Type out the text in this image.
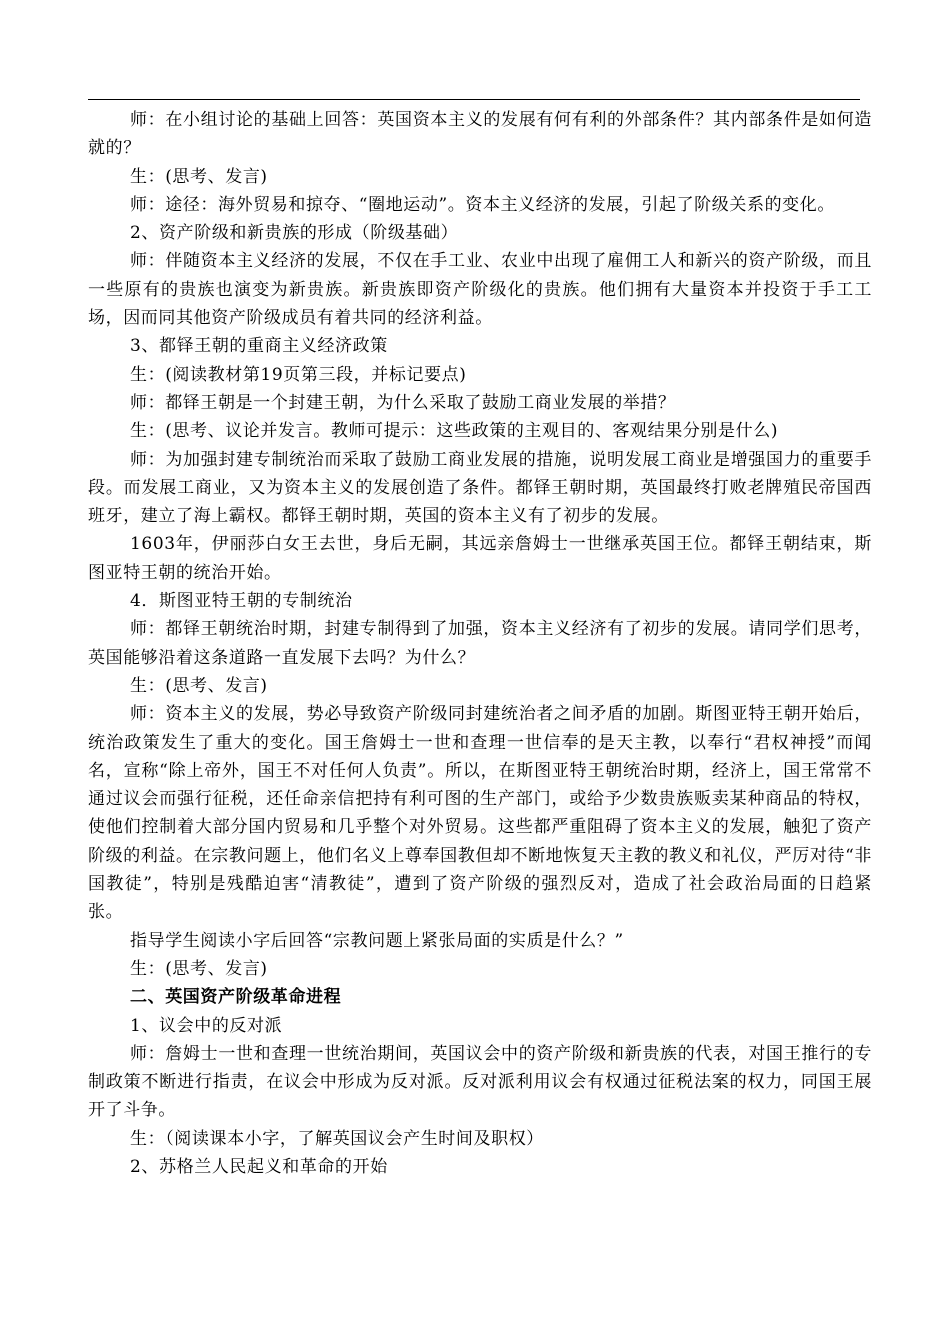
师：在小组讨论的基础上回答：英国资本主义的发展有何有利的外部条件？其内部条件是如何造就的？

生：(思考、发言)

师：途径：海外贸易和掠夺、“圈地运动”。资本主义经济的发展，引起了阶级关系的变化。

2、资产阶级和新贵族的形成（阶级基础）

师：伴随资本主义经济的发展，不仅在手工业、农业中出现了雇佣工人和新兴的资产阶级，而且一些原有的贵族也演变为新贵族。新贵族即资产阶级化的贵族。他们拥有大量资本并投资于手工工场，因而同其他资产阶级成员有着共同的经济利益。

3、都铎王朝的重商主义经济政策

生：(阅读教材第19页第三段，并标记要点)

师：都铎王朝是一个封建王朝，为什么采取了鼓励工商业发展的举措？

生：(思考、议论并发言。教师可提示：这些政策的主观目的、客观结果分别是什么)

师：为加强封建专制统治而采取了鼓励工商业发展的措施，说明发展工商业是增强国力的重要手段。而发展工商业，又为资本主义的发展创造了条件。都铎王朝时期，英国最终打败老牌殖民帝国西班牙，建立了海上霸权。都铎王朝时期，英国的资本主义有了初步的发展。

1603年，伊丽莎白女王去世，身后无嗣，其远亲詹姆士一世继承英国王位。都铎王朝结束，斯图亚特王朝的统治开始。

4．斯图亚特王朝的专制统治

师：都铎王朝统治时期，封建专制得到了加强，资本主义经济有了初步的发展。请同学们思考，英国能够沿着这条道路一直发展下去吗？为什么？

生：(思考、发言)

师：资本主义的发展，势必导致资产阶级同封建统治者之间矛盾的加剧。斯图亚特王朝开始后，统治政策发生了重大的变化。国王詹姆士一世和查理一世信奉的是天主教，以奉行“君权神授”而闻名，宣称“除上帝外，国王不对任何人负责”。所以，在斯图亚特王朝统治时期，经济上，国王常常不通过议会而强行征税，还任命亲信把持有利可图的生产部门，或给予少数贵族贩卖某种商品的特权，使他们控制着大部分国内贸易和几乎整个对外贸易。这些都严重阻碍了资本主义的发展，触犯了资产阶级的利益。在宗教问题上，他们名义上尊奉国教但却不断地恢复天主教的教义和礼仪，严厉对待“非国教徒”，特别是残酷迫害“清教徒”，遭到了资产阶级的强烈反对，造成了社会政治局面的日趋紧张。

指导学生阅读小字后回答“宗教问题上紧张局面的实质是什么？”

生：(思考、发言)

二、英国资产阶级革命进程

1、议会中的反对派

师：詹姆士一世和查理一世统治期间，英国议会中的资产阶级和新贵族的代表，对国王推行的专制政策不断进行指责，在议会中形成为反对派。反对派利用议会有权通过征税法案的权力，同国王展开了斗争。

生：（阅读课本小字，了解英国议会产生时间及职权）

2、苏格兰人民起义和革命的开始
